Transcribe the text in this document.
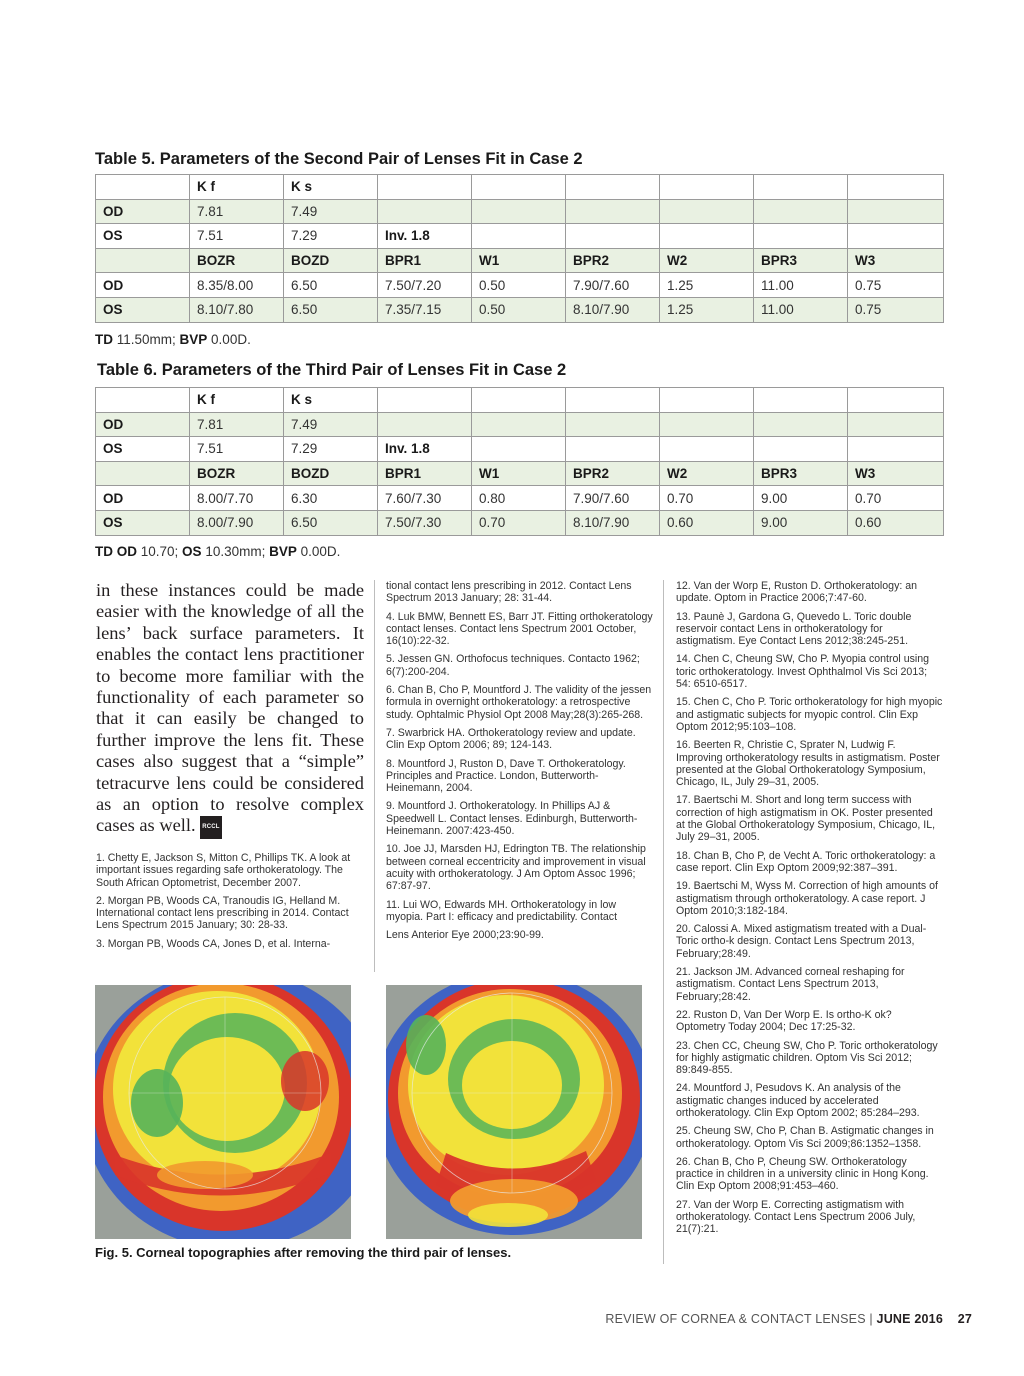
Table 5. Parameters of the Second Pair of Lenses Fit in Case 2
	K f	K s						
OD	7.81	7.49						
OS	7.51	7.29	Inv. 1.8					
	BOZR	BOZD	BPR1	W1	BPR2	W2	BPR3	W3
OD	8.35/8.00	6.50	7.50/7.20	0.50	7.90/7.60	1.25	11.00	0.75
OS	8.10/7.80	6.50	7.35/7.15	0.50	8.10/7.90	1.25	11.00	0.75
TD 11.50mm; BVP 0.00D.
Table 6. Parameters of the Third Pair of Lenses Fit in Case 2
	K f	K s						
OD	7.81	7.49						
OS	7.51	7.29	Inv. 1.8					
	BOZR	BOZD	BPR1	W1	BPR2	W2	BPR3	W3
OD	8.00/7.70	6.30	7.60/7.30	0.80	7.90/7.60	0.70	9.00	0.70
OS	8.00/7.90	6.50	7.50/7.30	0.70	8.10/7.90	0.60	9.00	0.60
TD OD 10.70; OS 10.30mm; BVP 0.00D.

in these instances could be made easier with the knowledge of all the lens’ back surface parameters. It enables the contact lens practitioner to become more familiar with the functionality of each parameter so that it can easily be changed to further improve the lens fit. These cases also suggest that a “simple” tetracurve lens could be considered as an option to resolve complex cases as well. RCCL

1. Chetty E, Jackson S, Mitton C, Phillips TK. A look at important issues regarding safe orthokeratology. The South African Optometrist, December 2007.

2. Morgan PB, Woods CA, Tranoudis IG, Helland M. International contact lens prescribing in 2014. Contact Lens Spectrum 2015 January; 30: 28-33.

3. Morgan PB, Woods CA, Jones D, et al. Interna-

tional contact lens prescribing in 2012. Contact Lens Spectrum 2013 January; 28: 31-44.

4. Luk BMW, Bennett ES, Barr JT. Fitting orthokeratology contact lenses. Contact lens Spectrum 2001 October, 16(10):22-32.

5. Jessen GN. Orthofocus techniques. Contacto 1962; 6(7):200-204.

6. Chan B, Cho P, Mountford J. The validity of the jessen formula in overnight orthokeratology: a retrospective study. Ophtalmic Physiol Opt 2008 May;28(3):265-268.

7. Swarbrick HA. Orthokeratology review and update. Clin Exp Optom 2006; 89; 124-143.

8. Mountford J, Ruston D, Dave T. Orthokeratology. Principles and Practice. London, Butterworth-Heinemann, 2004.

9. Mountford J. Orthokeratology. In Phillips AJ & Speedwell L. Contact lenses. Edinburgh, Butterworth-Heinemann. 2007:423-450.

10. Joe JJ, Marsden HJ, Edrington TB. The relationship between corneal eccentricity and improvement in visual acuity with orthokeratology. J Am Optom Assoc 1996; 67:87-97.

11. Lui WO, Edwards MH. Orthokeratology in low myopia. Part I: efficacy and predictability. Contact

Lens Anterior Eye 2000;23:90-99.

12. Van der Worp E, Ruston D. Orthokeratology: an update. Optom in Practice 2006;7:47-60.

13. Paunè J, Gardona G, Quevedo L. Toric double reservoir contact Lens in orthokeratology for astigmatism. Eye Contact Lens 2012;38:245-251.

14. Chen C, Cheung SW, Cho P. Myopia control using toric orthokeratology. Invest Ophthalmol Vis Sci 2013; 54: 6510-6517.

15. Chen C, Cho P. Toric orthokeratology for high myopic and astigmatic subjects for myopic control. Clin Exp Optom 2012;95:103–108.

16. Beerten R, Christie C, Sprater N, Ludwig F. Improving orthokeratology results in astigmatism. Poster presented at the Global Orthokeratology Symposium, Chicago, IL, July 29–31, 2005.

17. Baertschi M. Short and long term success with correction of high astigmatism in OK. Poster presented at the Global Orthokeratology Symposium, Chicago, IL, July 29–31, 2005.

18. Chan B, Cho P, de Vecht A. Toric orthokeratology: a case report. Clin Exp Optom 2009;92:387–391.

19. Baertschi M, Wyss M. Correction of high amounts of astigmatism through orthokeratology. A case report. J Optom 2010;3:182-184.

20. Calossi A. Mixed astigmatism treated with a Dual-Toric ortho-k design. Contact Lens Spectrum 2013, February;28:49.

21. Jackson JM. Advanced corneal reshaping for astigmatism. Contact Lens Spectrum 2013, February;28:42.

22. Ruston D, Van Der Worp E. Is ortho-K ok? Optometry Today 2004; Dec 17:25-32.

23. Chen CC, Cheung SW, Cho P. Toric orthokeratology for highly astigmatic children. Optom Vis Sci 2012; 89:849-855.

24. Mountford J, Pesudovs K. An analysis of the astigmatic changes induced by accelerated orthokeratology. Clin Exp Optom 2002; 85:284–293.

25. Cheung SW, Cho P, Chan B. Astigmatic changes in orthokeratology. Optom Vis Sci 2009;86:1352–1358.

26. Chan B, Cho P, Cheung SW. Orthokeratology practice in children in a university clinic in Hong Kong. Clin Exp Optom 2008;91:453–460.

27. Van der Worp E. Correcting astigmatism with orthokeratology. Contact Lens Spectrum 2006 July, 21(7):21.

Fig. 5. Corneal topographies after removing the third pair of lenses.

REVIEW OF CORNEA & CONTACT LENSES | JUNE 2016 27
